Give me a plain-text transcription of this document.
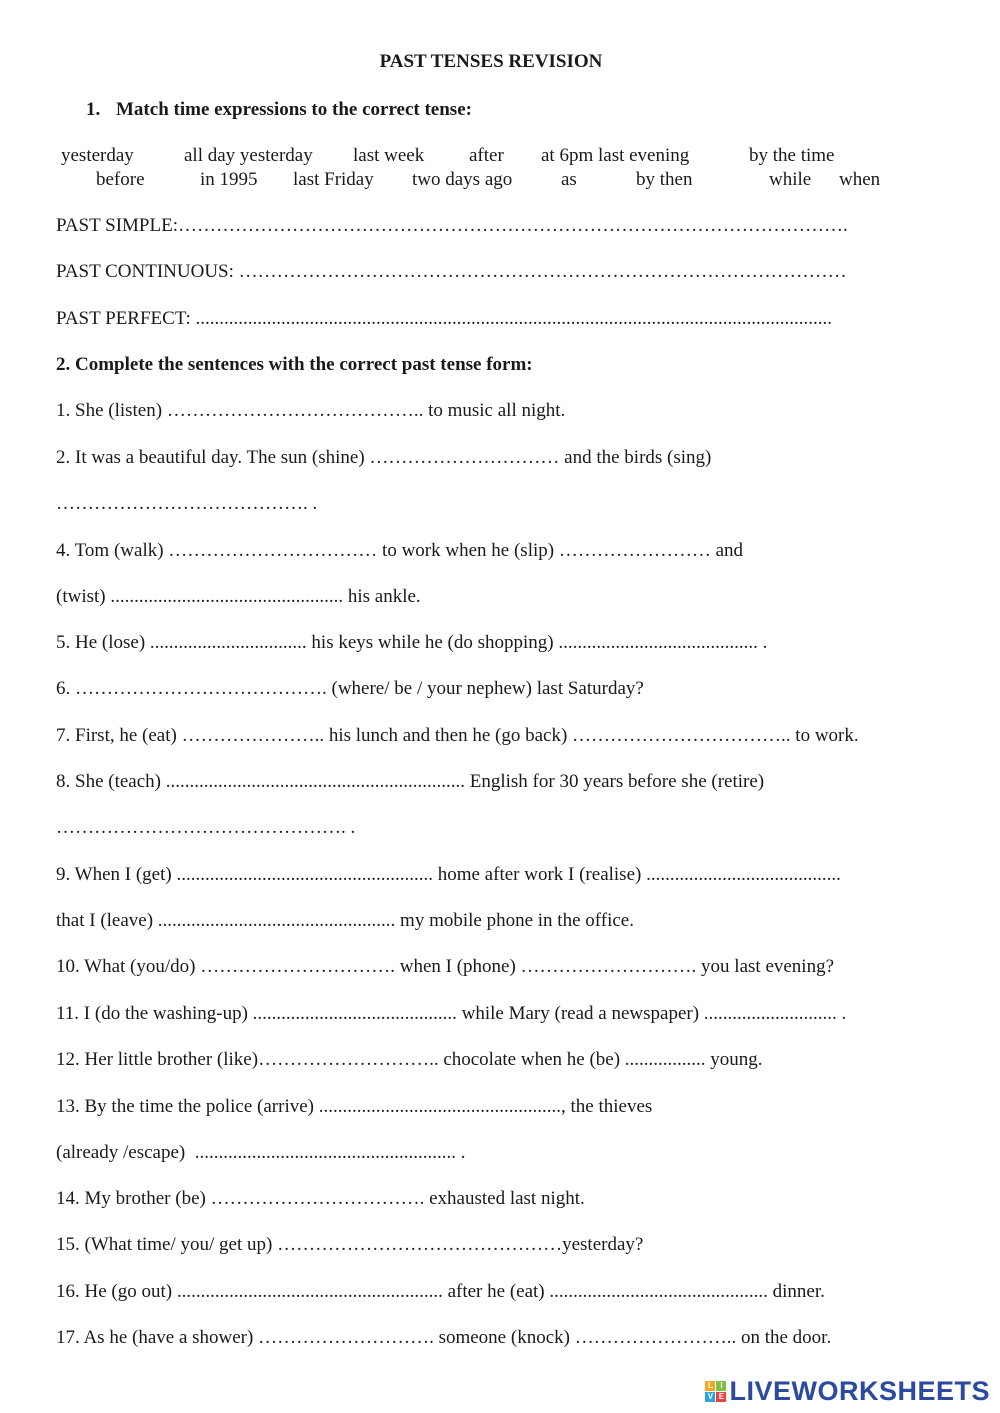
PAST TENSES REVISION
1. Match time expressions to the correct tense:
yesterday	all day yesterday last week after at 6pm last evening	by the time
before	in 1995 last Friday two days ago	as	by then	while when
PAST SIMPLE:…………………………………………………………………………………………….
PAST CONTINUOUS: ……………………………………………………………………………………
PAST PERFECT: ......................................................................................................................................
2. Complete the sentences with the correct past tense form:
1. She (listen) ………………………………….. to music all night.
2. It was a beautiful day. The sun (shine) ………………………… and the birds (sing)
…………………………………. .
4. Tom (walk) …………………………… to work when he (slip) …………………… and
(twist) ................................................. his ankle.
5. He (lose) ................................. his keys while he (do shopping) .......................................... .
6. …………………………………. (where/ be / your nephew) last Saturday?
7. First, he (eat) ………………….. his lunch and then he (go back) …………………………….. to work.
8. She (teach) ............................................................... English for 30 years before she (retire)
………………………………………. .
9. When I (get) ...................................................... home after work I (realise) .........................................
that I (leave) .................................................. my mobile phone in the office.
10. What (you/do) …………………………. when I (phone) ………………………. you last evening?
11. I (do the washing-up) ........................................... while Mary (read a newspaper) ............................ .
12. Her little brother (like)……………………….. chocolate when he (be) ................. young.
13. By the time the police (arrive) ..................................................., the thieves
(already /escape)  ....................................................... .
14. My brother (be) ……………………………. exhausted last night.
15. (What time/ you/ get up) ………………………………………yesterday?
16. He (go out) ........................................................ after he (eat) .............................................. dinner.
17. As he (have a shower) ………………………. someone (knock) …………………….. on the door.
L I
V E LIVEWORKSHEETS
